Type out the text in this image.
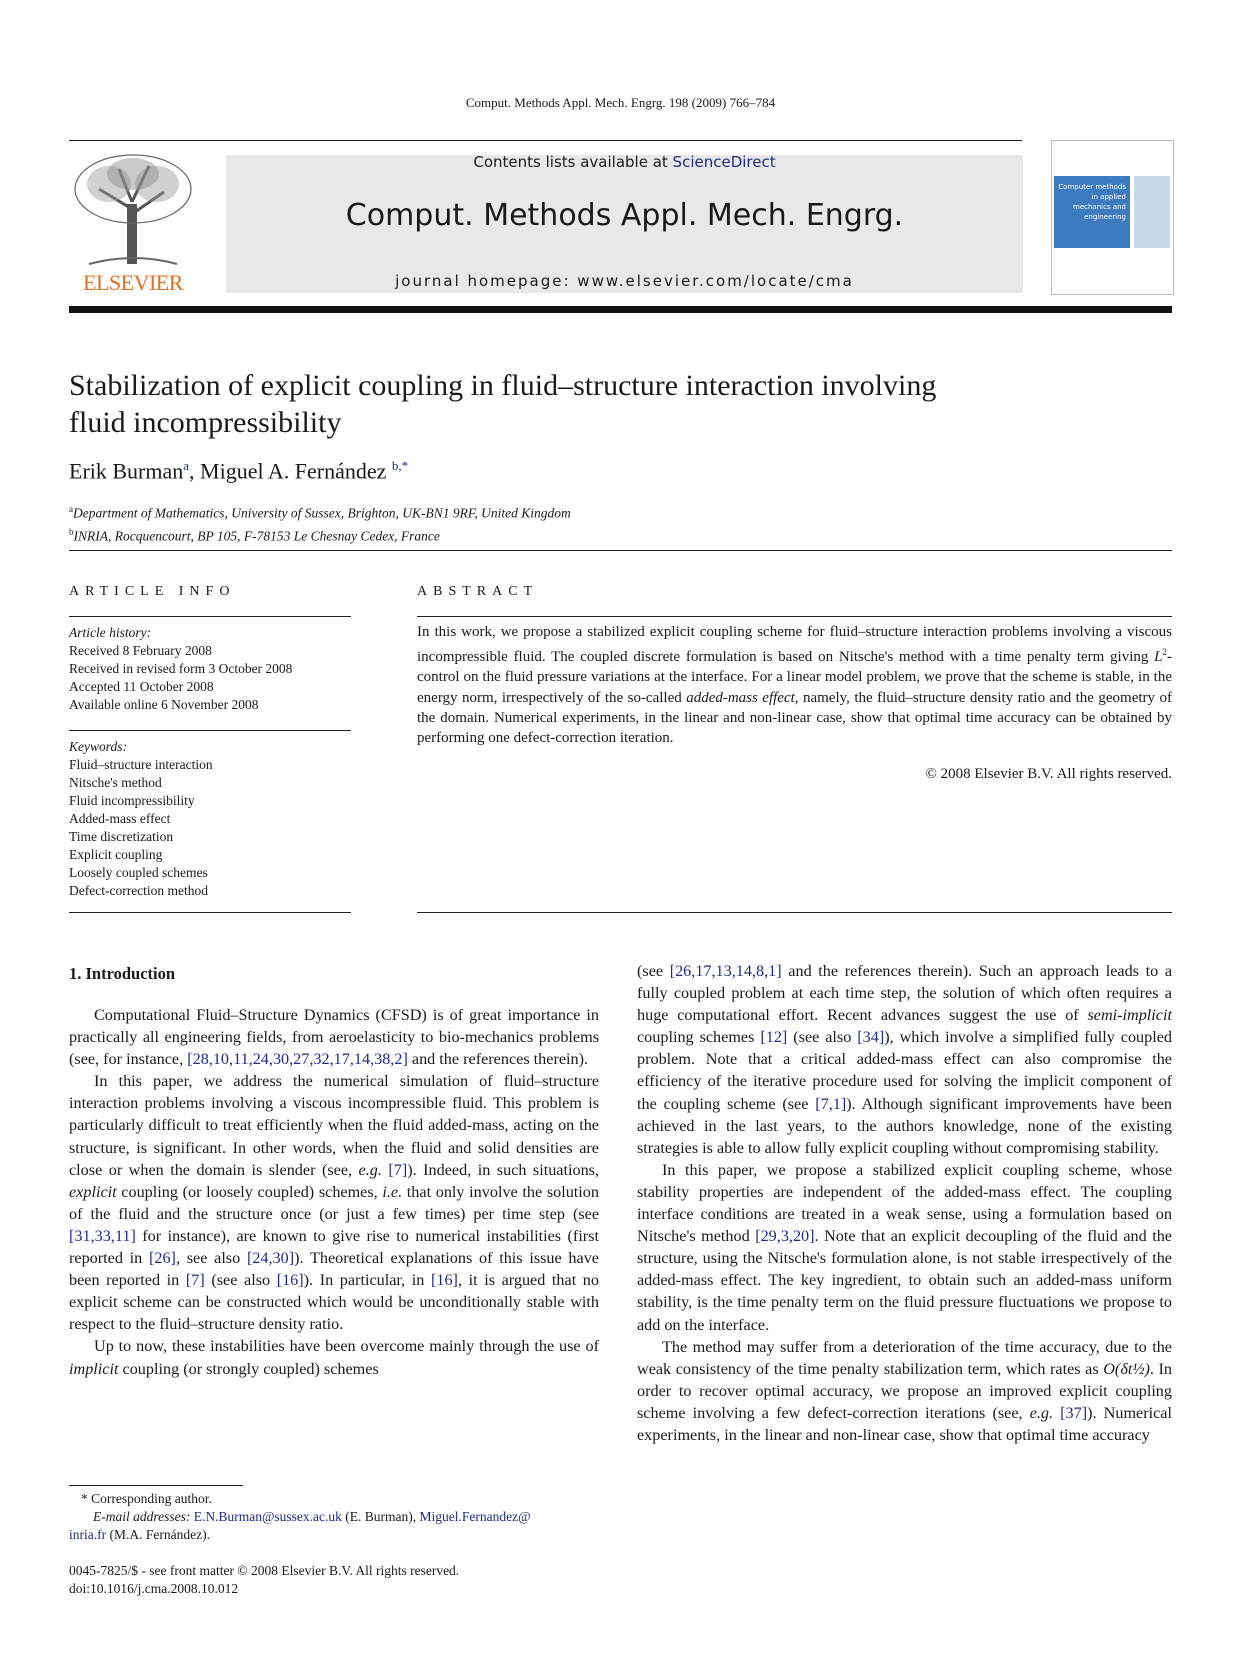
Comput. Methods Appl. Mech. Engrg. 198 (2009) 766–784
ELSEVIER
Contents lists available at ScienceDirect
Comput. Methods Appl. Mech. Engrg.
journal homepage: www.elsevier.com/locate/cma
Computer methods in applied mechanics and engineering
Stabilization of explicit coupling in fluid–structure interaction involving
fluid incompressibility
Erik Burman$^a$, Miguel A. Fernández $^{b,*}$
$^a$Department of Mathematics, University of Sussex, Brighton, UK-BN1 9RF, United Kingdom
$^b$INRIA, Rocquencourt, BP 105, F-78153 Le Chesnay Cedex, France
ARTICLE INFO
Article history:
Received 8 February 2008
Received in revised form 3 October 2008
Accepted 11 October 2008
Available online 6 November 2008
Keywords:
Fluid–structure interaction
Nitsche's method
Fluid incompressibility
Added-mass effect
Time discretization
Explicit coupling
Loosely coupled schemes
Defect-correction method
ABSTRACT
In this work, we propose a stabilized explicit coupling scheme for fluid–structure interaction problems involving a viscous incompressible fluid. The coupled discrete formulation is based on Nitsche's method with a time penalty term giving $L^2$-control on the fluid pressure variations at the interface. For a linear model problem, we prove that the scheme is stable, in the energy norm, irrespectively of the so-called added-mass effect, namely, the fluid–structure density ratio and the geometry of the domain. Numerical experiments, in the linear and non-linear case, show that optimal time accuracy can be obtained by performing one defect-correction iteration.
© 2008 Elsevier B.V. All rights reserved.
1. Introduction

Computational Fluid–Structure Dynamics (CFSD) is of great importance in practically all engineering fields, from aeroelasticity to bio-mechanics problems (see, for instance, [28,10,11,24,30,27,32,17,14,38,2] and the references therein).

In this paper, we address the numerical simulation of fluid–structure interaction problems involving a viscous incompressible fluid. This problem is particularly difficult to treat efficiently when the fluid added-mass, acting on the structure, is significant. In other words, when the fluid and solid densities are close or when the domain is slender (see, e.g. [7]). Indeed, in such situations, explicit coupling (or loosely coupled) schemes, i.e. that only involve the solution of the fluid and the structure once (or just a few times) per time step (see [31,33,11] for instance), are known to give rise to numerical instabilities (first reported in [26], see also [24,30]). Theoretical explanations of this issue have been reported in [7] (see also [16]). In particular, in [16], it is argued that no explicit scheme can be constructed which would be unconditionally stable with respect to the fluid–structure density ratio.

Up to now, these instabilities have been overcome mainly through the use of implicit coupling (or strongly coupled) schemes

(see [26,17,13,14,8,1] and the references therein). Such an approach leads to a fully coupled problem at each time step, the solution of which often requires a huge computational effort. Recent advances suggest the use of semi-implicit coupling schemes [12] (see also [34]), which involve a simplified fully coupled problem. Note that a critical added-mass effect can also compromise the efficiency of the iterative procedure used for solving the implicit component of the coupling scheme (see [7,1]). Although significant improvements have been achieved in the last years, to the authors knowledge, none of the existing strategies is able to allow fully explicit coupling without compromising stability.

In this paper, we propose a stabilized explicit coupling scheme, whose stability properties are independent of the added-mass effect. The coupling interface conditions are treated in a weak sense, using a formulation based on Nitsche's method [29,3,20]. Note that an explicit decoupling of the fluid and the structure, using the Nitsche's formulation alone, is not stable irrespectively of the added-mass effect. The key ingredient, to obtain such an added-mass uniform stability, is the time penalty term on the fluid pressure fluctuations we propose to add on the interface.

The method may suffer from a deterioration of the time accuracy, due to the weak consistency of the time penalty stabilization term, which rates as O(δt½). In order to recover optimal accuracy, we propose an improved explicit coupling scheme involving a few defect-correction iterations (see, e.g. [37]). Numerical experiments, in the linear and non-linear case, show that optimal time accuracy

* Corresponding author.
E-mail addresses: E.N.Burman@sussex.ac.uk (E. Burman), Miguel.Fernandez@
inria.fr (M.A. Fernández).
0045-7825/$ - see front matter © 2008 Elsevier B.V. All rights reserved.
doi:10.1016/j.cma.2008.10.012
